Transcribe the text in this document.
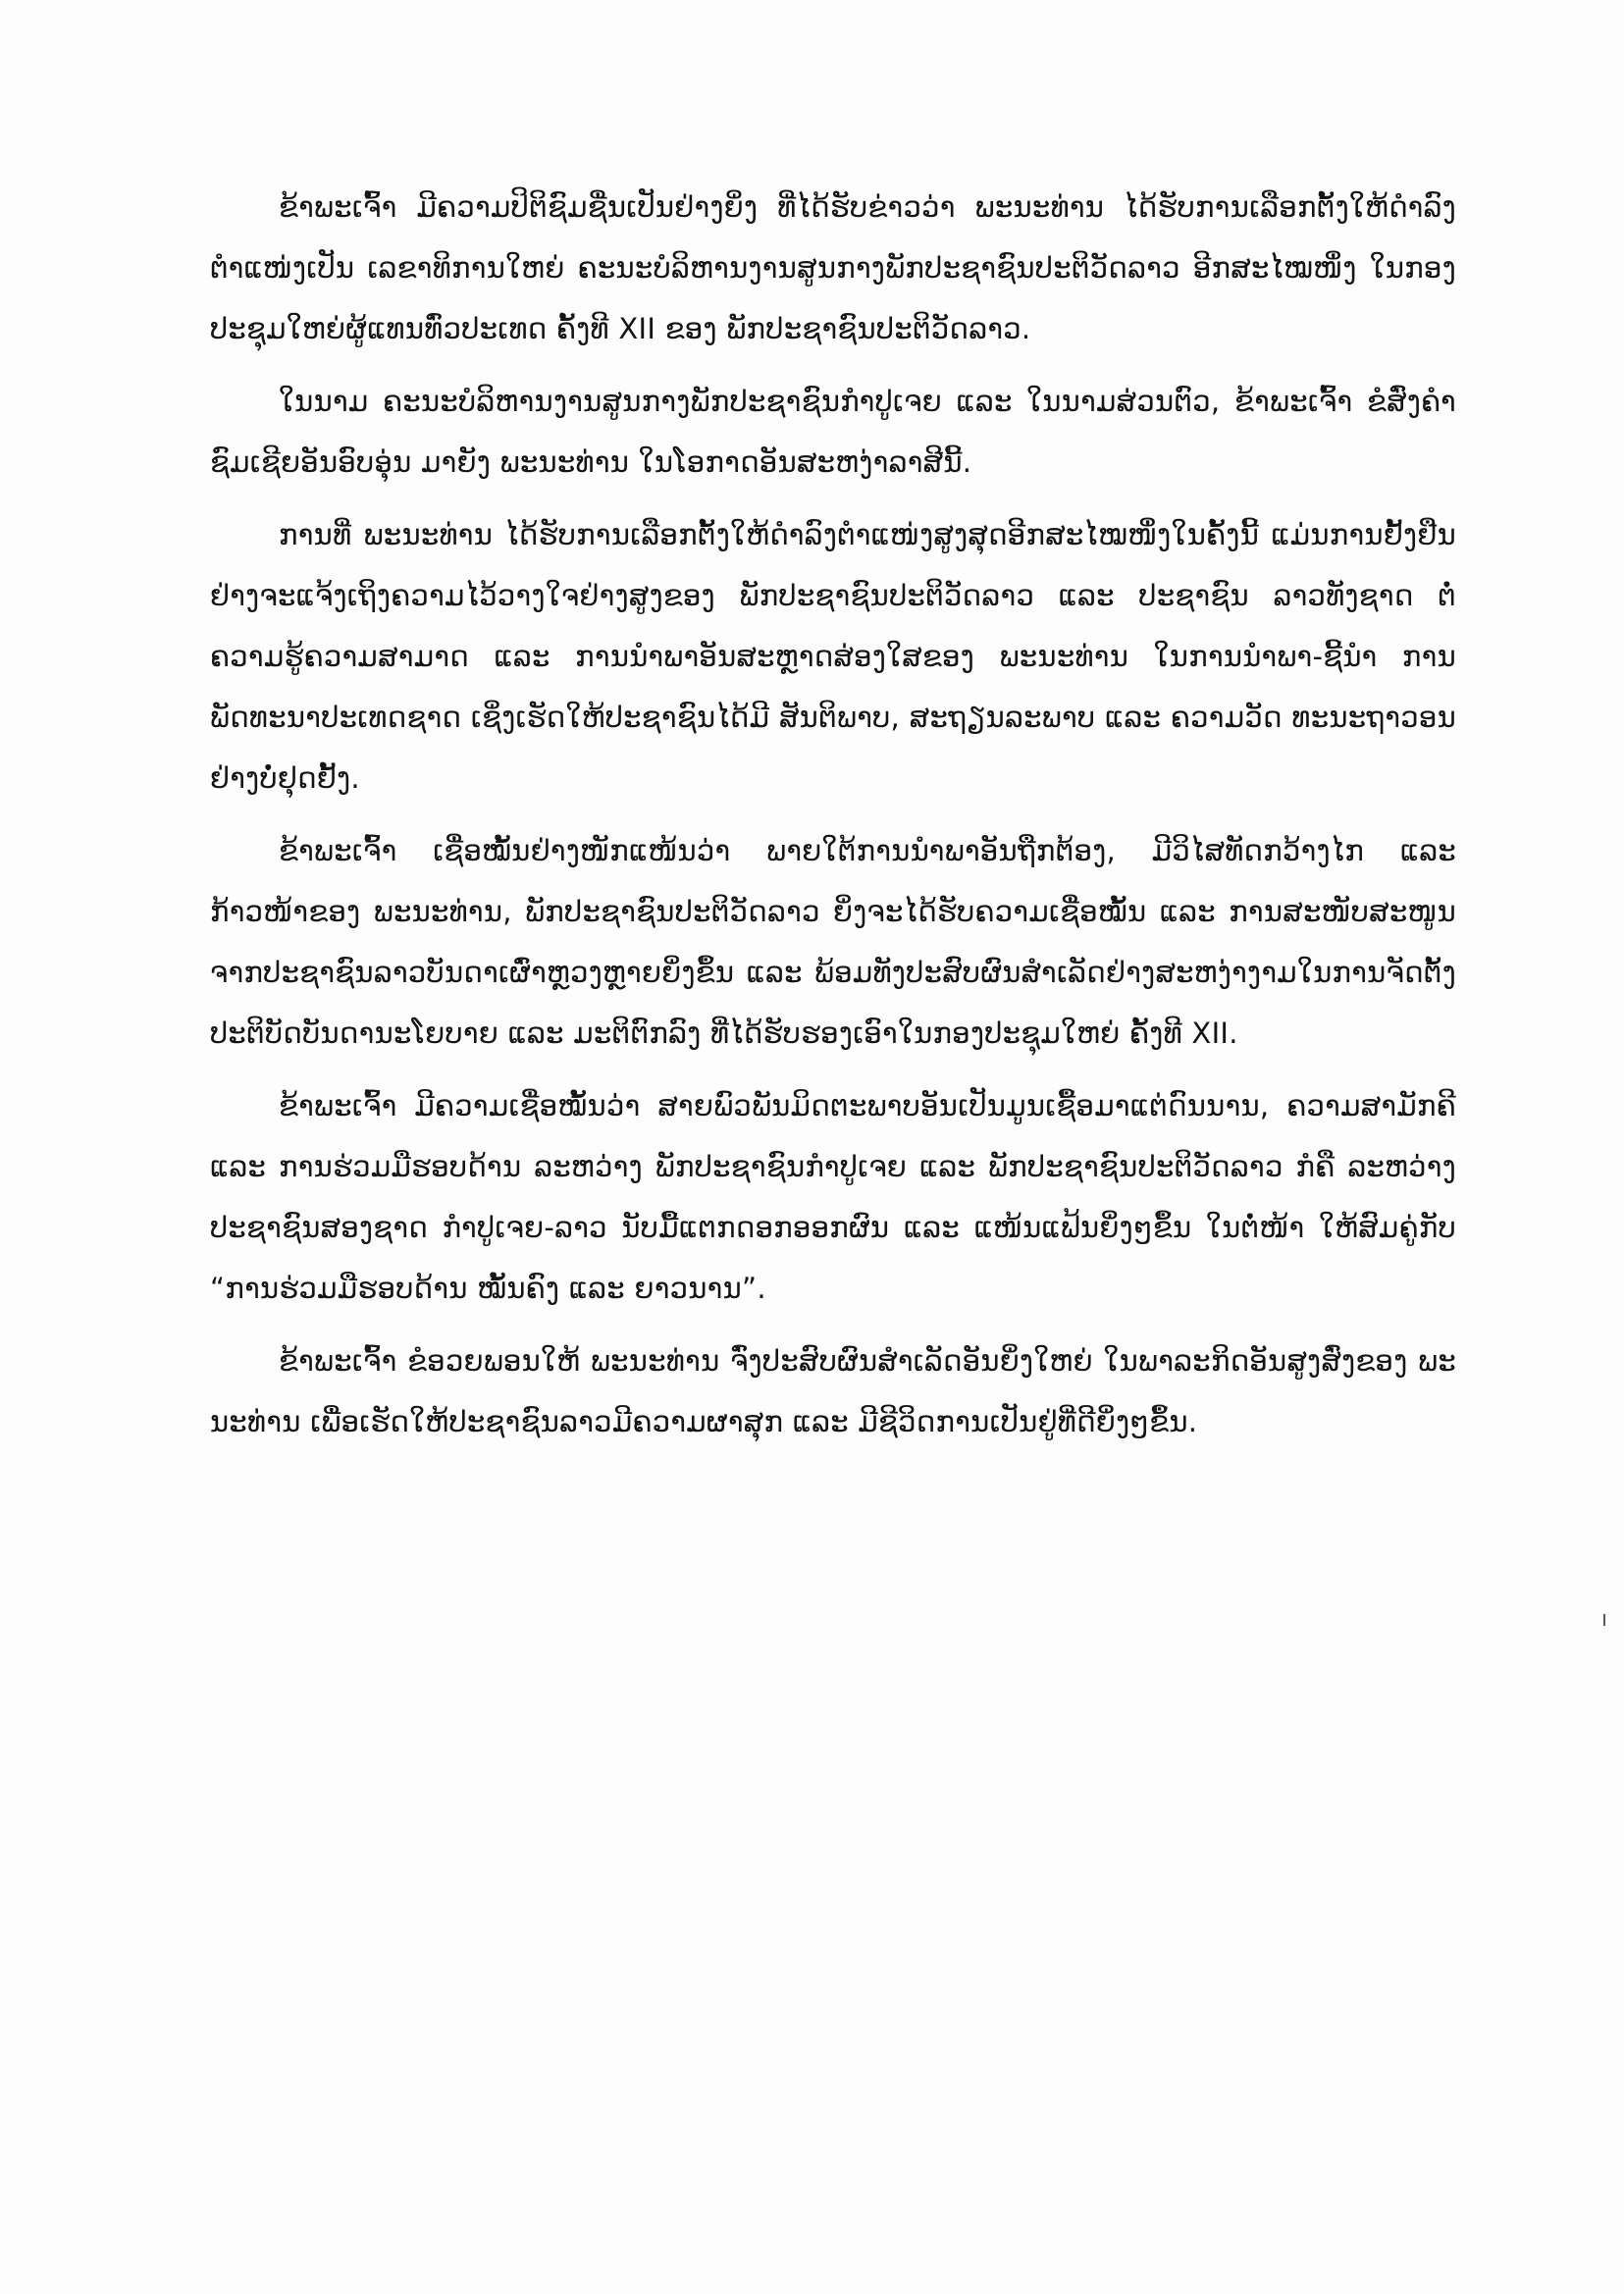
ຂ້າພະເຈົ້າ ມີຄວາມປິຕິຊົມຊື່ນເປັນຢ່າງຍິ່ງ ທີ່ໄດ້ຮັບຂ່າວວ່າ ພະນະທ່ານ ໄດ້ຮັບການເລືອກຕັ້ງໃຫ້ດຳລົງຕຳແໜ່ງເປັນ ເລຂາທິການໃຫຍ່ ຄະນະບໍລິຫານງານສູນກາງພັກປະຊາຊົນປະຕິວັດລາວ ອີກສະໄໝໜຶ່ງ ໃນກອງປະຊຸມໃຫຍ່ຜູ້ແທນທົ່ວປະເທດ ຄັ້ງທີ XII ຂອງ ພັກປະຊາຊົນປະຕິວັດລາວ.

ໃນນາມ ຄະນະບໍລິຫານງານສູນກາງພັກປະຊາຊົນກຳປູເຈຍ ແລະ ໃນນາມສ່ວນຕົວ, ຂ້າພະເຈົ້າ ຂໍສົ່ງຄຳຊົມເຊີຍອັນອົບອຸ່ນ ມາຍັງ ພະນະທ່ານ ໃນໂອກາດອັນສະຫງ່າລາສີນີ້.

ການທີ່ ພະນະທ່ານ ໄດ້ຮັບການເລືອກຕັ້ງໃຫ້ດຳລົງຕຳແໜ່ງສູງສຸດອີກສະໄໝໜຶ່ງໃນຄັ້ງນີ້ ແມ່ນການຢັ້ງຢືນຢ່າງຈະແຈ້ງເຖິງຄວາມໄວ້ວາງໃຈຢ່າງສູງຂອງ ພັກປະຊາຊົນປະຕິວັດລາວ ແລະ ປະຊາຊົນ ລາວທັງຊາດ ຕໍ່ຄວາມຮູ້ຄວາມສາມາດ ແລະ ການນຳພາອັນສະຫຼາດສ່ອງໃສຂອງ ພະນະທ່ານ ໃນການນຳພາ-ຊີ້ນຳ ການພັດທະນາປະເທດຊາດ ເຊິ່ງເຮັດໃຫ້ປະຊາຊົນໄດ້ມີ ສັນຕິພາບ, ສະຖຽນລະພາບ ແລະ ຄວາມວັດ ທະນະຖາວອນ ຢ່າງບໍ່ຢຸດຢັ້ງ.

ຂ້າພະເຈົ້າ ເຊື່ອໝັ້ນຢ່າງໜັກແໜ້ນວ່າ ພາຍໃຕ້ການນຳພາອັນຖືກຕ້ອງ, ມີວິໄສທັດກວ້າງໄກ ແລະ ກ້າວໜ້າຂອງ ພະນະທ່ານ, ພັກປະຊາຊົນປະຕິວັດລາວ ຍິ່ງຈະໄດ້ຮັບຄວາມເຊື່ອໝັ້ນ ແລະ ການສະໜັບສະໜູນ ຈາກປະຊາຊົນລາວບັນດາເຜົ່າຫຼວງຫຼາຍຍິ່ງຂຶ້ນ ແລະ ພ້ອມທັງປະສົບຜົນສຳເລັດຢ່າງສະຫງ່າງາມໃນການຈັດຕັ້ງປະຕິບັດບັນດານະໂຍບາຍ ແລະ ມະຕິຕົກລົງ ທີ່ໄດ້ຮັບຮອງເອົາໃນກອງປະຊຸມໃຫຍ່ ຄັ້ງທີ XII.

ຂ້າພະເຈົ້າ ມີຄວາມເຊື່ອໝັ້ນວ່າ ສາຍພົວພັນມິດຕະພາບອັນເປັນມູນເຊື້ອມາແຕ່ດົນນານ, ຄວາມສາມັກຄີ ແລະ ການຮ່ວມມືຮອບດ້ານ ລະຫວ່າງ ພັກປະຊາຊົນກຳປູເຈຍ ແລະ ພັກປະຊາຊົນປະຕິວັດລາວ ກໍຄື ລະຫວ່າງ ປະຊາຊົນສອງຊາດ ກຳປູເຈຍ-ລາວ ນັບມື້ແຕກດອກອອກຜົນ ແລະ ແໜ້ນແຟ້ນຍິ່ງໆຂຶ້ນ ໃນຕໍ່ໜ້າ ໃຫ້ສົມຄູ່ກັບ “ການຮ່ວມມືຮອບດ້ານ ໝັ້ນຄົງ ແລະ ຍາວນານ”.

ຂ້າພະເຈົ້າ ຂໍອວຍພອນໃຫ້ ພະນະທ່ານ ຈົ່ງປະສົບຜົນສຳເລັດອັນຍິ່ງໃຫຍ່ ໃນພາລະກິດອັນສູງສົ່ງຂອງ ພະນະທ່ານ ເພື່ອເຮັດໃຫ້ປະຊາຊົນລາວມີຄວາມຜາສຸກ ແລະ ມີຊີວິດການເປັນຢູ່ທີ່ດີຍິ່ງໆຂຶ້ນ.
